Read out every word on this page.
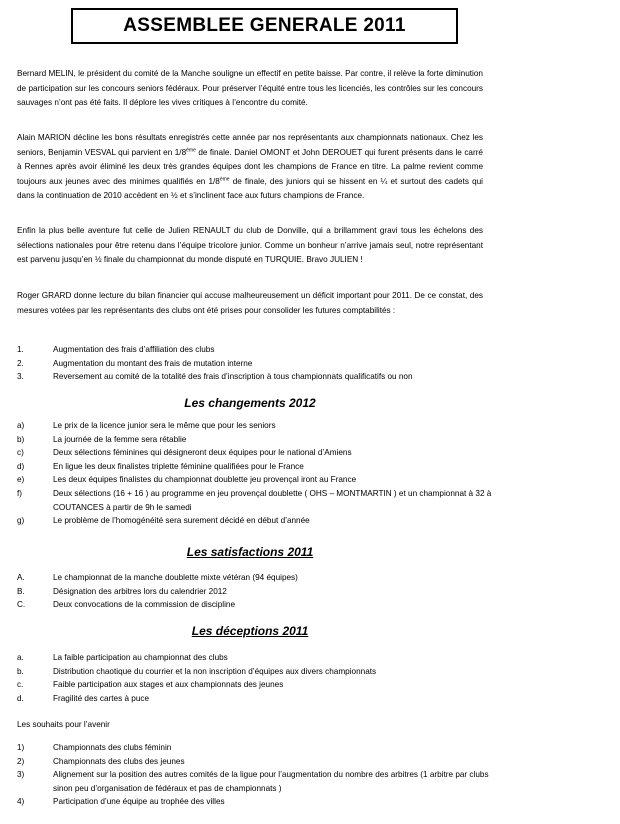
ASSEMBLEE GENERALE 2011

Bernard MELIN, le président du comité de la Manche souligne un effectif en petite baisse. Par contre, il relève la forte diminution de participation sur les concours seniors fédéraux. Pour préserver l’équité entre tous les licenciés, les contrôles sur les concours sauvages n’ont pas été faits. Il déplore les vives critiques à l’encontre du comité.

Alain MARION décline les bons résultats enregistrés cette année par nos représentants aux championnats nationaux. Chez les seniors, Benjamin VESVAL qui parvient en 1/8ème de finale. Daniel OMONT et John DEROUET qui furent présents dans le carré à Rennes après avoir éliminé les deux très grandes équipes dont les champions de France en titre. La palme revient comme toujours aux jeunes avec des minimes qualifiés en 1/8ème de finale, des juniors qui se hissent en ¼ et surtout des cadets qui dans la continuation de 2010 accèdent en ½ et s’inclinent face aux futurs champions de France.

Enfin la plus belle aventure fut celle de Julien RENAULT du club de Donville, qui a brillamment gravi tous les échelons des sélections nationales pour être retenu dans l’équipe tricolore junior. Comme un bonheur n’arrive jamais seul, notre représentant est parvenu jusqu’en ½ finale du championnat du monde disputé en TURQUIE. Bravo JULIEN !

Roger GRARD donne lecture du bilan financier qui accuse malheureusement un déficit important pour 2011. De ce constat, des mesures votées par les représentants des clubs ont été prises pour consolider les futures comptabilités :

1.	Augmentation des frais d’affiliation des clubs
2.	Augmentation du montant des frais de mutation interne
3.	Reversement au comité de la totalité des frais d’inscription à tous championnats qualificatifs ou non

Les changements 2012

a)	Le prix de la licence junior sera le même que pour les seniors
b)	La journée de la femme sera rétablie
c)	Deux sélections féminines qui désigneront deux équipes pour le national d’Amiens
d)	En ligue les deux finalistes triplette féminine qualifiées pour le France
e)	Les deux équipes finalistes du championnat doublette jeu provençal iront au France
f)	Deux sélections (16 + 16 ) au programme en jeu provençal doublette ( OHS – MONTMARTIN ) et un championnat à 32 à COUTANCES à partir de 9h le samedi
g)	Le problème de l’homogénéité sera surement décidé en début d’année

Les satisfactions 2011

A.	Le championnat de la manche doublette mixte vétéran (94 équipes)
B.	Désignation des arbitres lors du calendrier 2012
C.	Deux convocations de la commission de discipline

Les déceptions 2011

a.	La faible participation au championnat des clubs
b.	Distribution chaotique du courrier et la non inscription d’équipes aux divers championnats
c.	Faible participation aux stages et aux championnats des jeunes
d.	Fragilité des cartes à puce

Les souhaits pour l’avenir

1)	Championnats des clubs féminin
2)	Championnats des clubs des jeunes
3)	Alignement sur la position des autres comités de la ligue pour l’augmentation du nombre des arbitres (1 arbitre par clubs sinon peu d’organisation de fédéraux et pas de championnats )
4)	Participation d’une équipe au trophée des villes
